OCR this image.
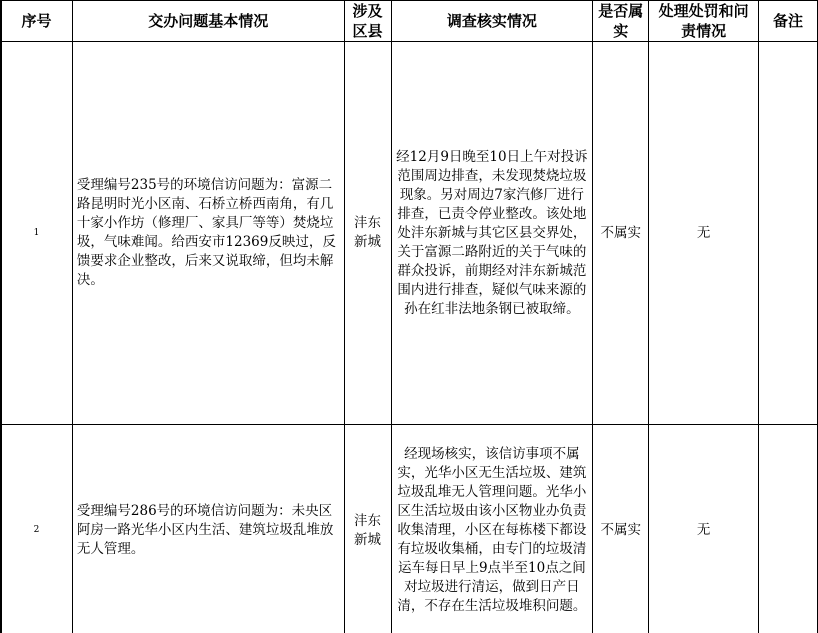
序号	交办问题基本情况	涉及区县	调查核实情况	是否属实	处理处罚和问责情况	备注
1	受理编号235号的环境信访问题为：富源二路昆明时光小区南、石桥立桥西南角，有几十家小作坊（修理厂、家具厂等等）焚烧垃圾，气味难闻。给西安市12369反映过，反馈要求企业整改，后来又说取缔，但均未解决。	沣东新城	经12月9日晚至10日上午对投诉范围周边排查，未发现焚烧垃圾现象。另对周边7家汽修厂进行排查，已责令停业整改。该处地处沣东新城与其它区县交界处，关于富源二路附近的关于气味的群众投诉，前期经对沣东新城范围内进行排查，疑似气味来源的孙在红非法地条钢已被取缔。	不属实	无	
2	受理编号286号的环境信访问题为：未央区阿房一路光华小区内生活、建筑垃圾乱堆放无人管理。	沣东新城	经现场核实，该信访事项不属实，光华小区无生活垃圾、建筑垃圾乱堆无人管理问题。光华小区生活垃圾由该小区物业办负责收集清理，小区在每栋楼下都设有垃圾收集桶，由专门的垃圾清运车每日早上9点半至10点之间对垃圾进行清运，做到日产日清，不存在生活垃圾堆积问题。	不属实	无	
